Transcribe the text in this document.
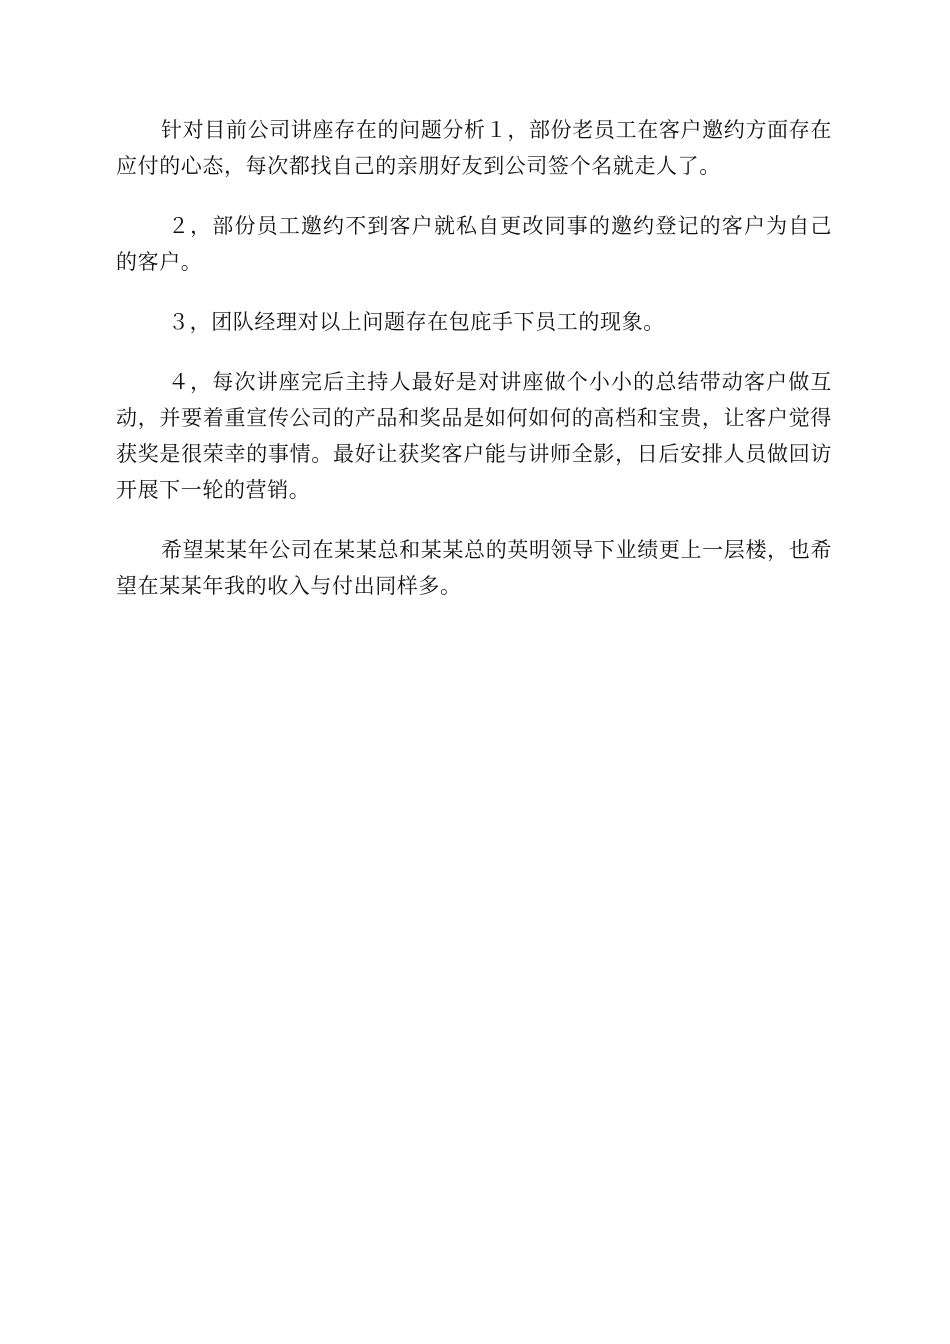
针对目前公司讲座存在的问题分析１，部份老员工在客户邀约方面存在应付的心态，每次都找自己的亲朋好友到公司签个名就走人了。

２，部份员工邀约不到客户就私自更改同事的邀约登记的客户为自己的客户。

３，团队经理对以上问题存在包庇手下员工的现象。

４，每次讲座完后主持人最好是对讲座做个小小的总结带动客户做互动，并要着重宣传公司的产品和奖品是如何如何的高档和宝贵，让客户觉得获奖是很荣幸的事情。最好让获奖客户能与讲师全影，日后安排人员做回访开展下一轮的营销。

希望某某年公司在某某总和某某总的英明领导下业绩更上一层楼，也希望在某某年我的收入与付出同样多。
